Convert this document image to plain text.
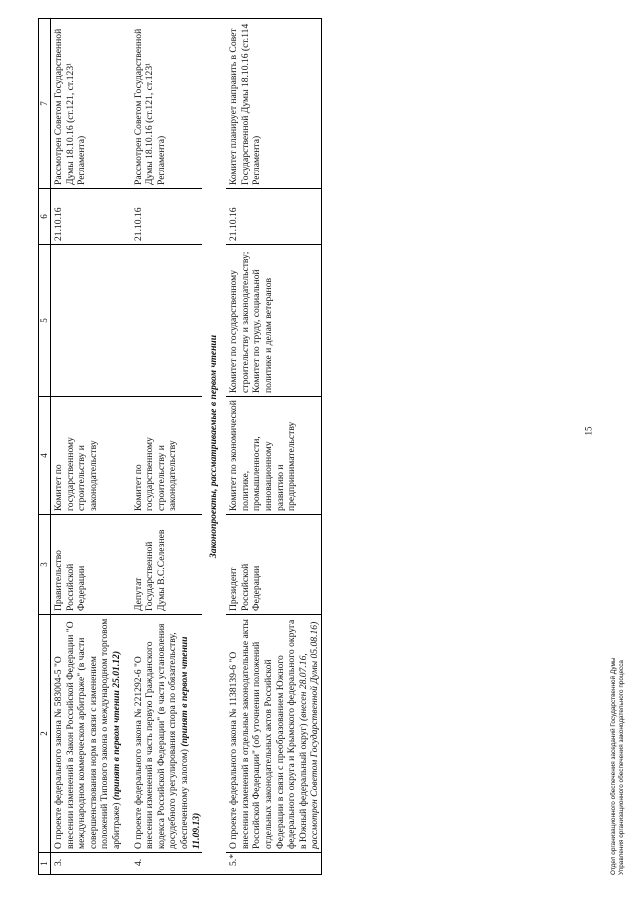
15
1	2	3	4	5	6	7
3.	О проекте федерального закона № 583004-5 "О внесении изменений в Закон Российской Федерации "О международном коммерческом арбитраже" (в части совершенствования норм в связи с изменением положений Типового закона о международном торговом арбитраже) (принят в первом чтении 25.01.12)	Правительство Российской Федерации	Комитет по государственному строительству и законодательству		21.10.16	Рассмотрен Советом Государственной Думы 18.10.16 (ст.121, ст.123¹ Регламента)

4.	О проекте федерального закона № 221292-6 "О внесении изменений в часть первую Гражданского кодекса Российской Федерации" (в части установления досудебного урегулирования спора по обязательству, обеспеченному залогом) (принят в первом чтении 11.09.13)	Депутат Государственной Думы В.С.Селезнев	Комитет по государственному строительству и законодательству		21.10.16	Рассмотрен Советом Государственной Думы 18.10.16 (ст.121, ст.123¹ Регламента)
Законопроекты, рассматриваемые в первом чтении						
5.*	О проекте федерального закона № 1138139-6 "О внесении изменений в отдельные законодательные акты Российской Федерации" (об уточнении положений отдельных законодательных актов Российской Федерации в связи с преобразованием Южного федерального округа и Крымского федерального округа в Южный федеральный округ) (внесен 28.07.16, рассмотрен Советом Государственной Думы 05.08.16)	Президент Российской Федерации	Комитет по экономической политике, промышленности, инновационному развитию и предпринимательству	Комитет по государственному строительству и законодательству; Комитет по труду, социальной политике и делам ветеранов	21.10.16	Комитет планирует направить в Совет Государственной Думы 18.10.16 (ст.114 Регламента)
Отдел организационного обеспечения заседаний Государственной Думы Управления организационного обеспечения законодательного процесса
